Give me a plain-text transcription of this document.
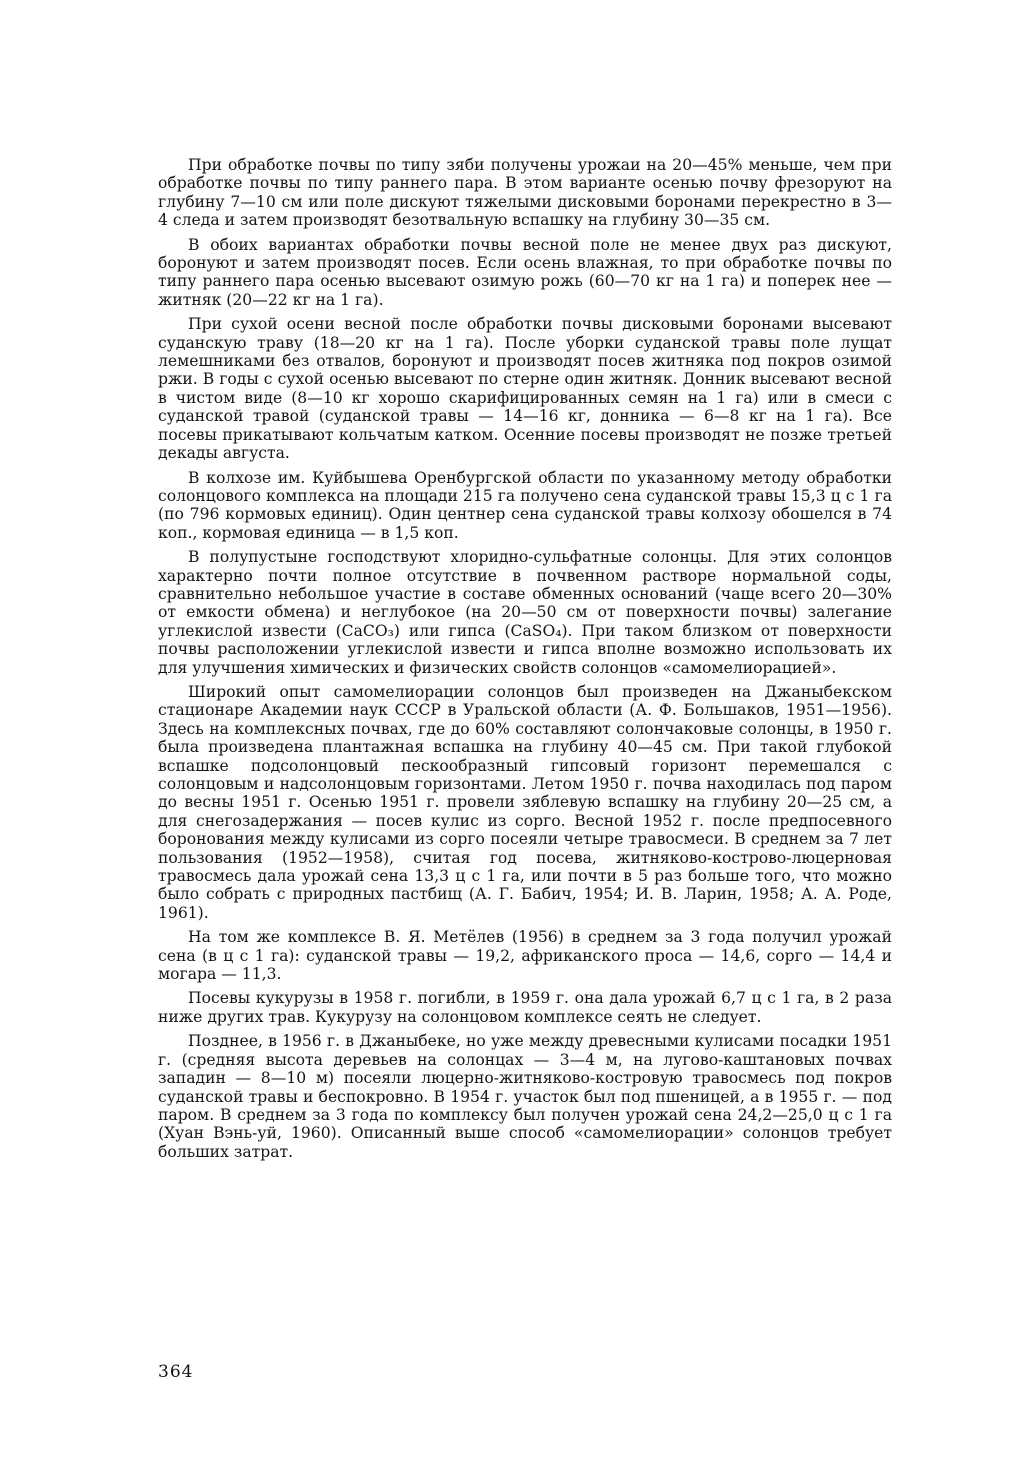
При обработке почвы по типу зяби получены урожаи на 20—45% меньше, чем при обработке почвы по типу раннего пара. В этом варианте осенью почву фрезоруют на глубину 7—10 см или поле дискуют тяжелыми дисковыми боронами перекрестно в 3—4 следа и затем производят безотвальную вспашку на глубину 30—35 см.

В обоих вариантах обработки почвы весной поле не менее двух раз дискуют, боронуют и затем производят посев. Если осень влажная, то при обработке почвы по типу раннего пара осенью высевают озимую рожь (60—70 кг на 1 га) и поперек нее — житняк (20—22 кг на 1 га).

При сухой осени весной после обработки почвы дисковыми боронами высевают суданскую траву (18—20 кг на 1 га). После уборки суданской травы поле лущат лемешниками без отвалов, боронуют и производят посев житняка под покров озимой ржи. В годы с сухой осенью высевают по стерне один житняк. Донник высевают весной в чистом виде (8—10 кг хорошо скарифицированных семян на 1 га) или в смеси с суданской травой (суданской травы — 14—16 кг, донника — 6—8 кг на 1 га). Все посевы прикатывают кольчатым катком. Осенние посевы производят не позже третьей декады августа.

В колхозе им. Куйбышева Оренбургской области по указанному методу обработки солонцового комплекса на площади 215 га получено сена суданской травы 15,3 ц с 1 га (по 796 кормовых единиц). Один центнер сена суданской травы колхозу обошелся в 74 коп., кормовая единица — в 1,5 коп.

В полупустыне господствуют хлоридно-сульфатные солонцы. Для этих солонцов характерно почти полное отсутствие в почвенном растворе нормальной соды, сравнительно небольшое участие в составе обменных оснований (чаще всего 20—30% от емкости обмена) и неглубокое (на 20—50 см от поверхности почвы) залегание углекислой извести (CaCO₃) или гипса (CaSO₄). При таком близком от поверхности почвы расположении углекислой извести и гипса вполне возможно использовать их для улучшения химических и физических свойств солонцов «самомелиорацией».

Широкий опыт самомелиорации солонцов был произведен на Джаныбекском стационаре Академии наук СССР в Уральской области (А. Ф. Большаков, 1951—1956). Здесь на комплексных почвах, где до 60% составляют солончаковые солонцы, в 1950 г. была произведена плантажная вспашка на глубину 40—45 см. При такой глубокой вспашке подсолонцовый пескообразный гипсовый горизонт перемешался с солонцовым и надсолонцовым горизонтами. Летом 1950 г. почва находилась под паром до весны 1951 г. Осенью 1951 г. провели зяблевую вспашку на глубину 20—25 см, а для снегозадержания — посев кулис из сорго. Весной 1952 г. после предпосевного боронования между кулисами из сорго посеяли четыре травосмеси. В среднем за 7 лет пользования (1952—1958), считая год посева, житняково-кострово-люцерновая травосмесь дала урожай сена 13,3 ц с 1 га, или почти в 5 раз больше того, что можно было собрать с природных пастбищ (А. Г. Бабич, 1954; И. В. Ларин, 1958; А. А. Роде, 1961).

На том же комплексе В. Я. Метёлев (1956) в среднем за 3 года получил урожай сена (в ц с 1 га): суданской травы — 19,2, африканского проса — 14,6, сорго — 14,4 и могара — 11,3.

Посевы кукурузы в 1958 г. погибли, в 1959 г. она дала урожай 6,7 ц с 1 га, в 2 раза ниже других трав. Кукурузу на солонцовом комплексе сеять не следует.

Позднее, в 1956 г. в Джаныбеке, но уже между древесными кулисами посадки 1951 г. (средняя высота деревьев на солонцах — 3—4 м, на лугово-каштановых почвах западин — 8—10 м) посеяли люцерно-житняково-костровую травосмесь под покров суданской травы и беспокровно. В 1954 г. участок был под пшеницей, а в 1955 г. — под паром. В среднем за 3 года по комплексу был получен урожай сена 24,2—25,0 ц с 1 га (Хуан Вэнь-уй, 1960). Описанный выше способ «самомелиорации» солонцов требует больших затрат.

364
